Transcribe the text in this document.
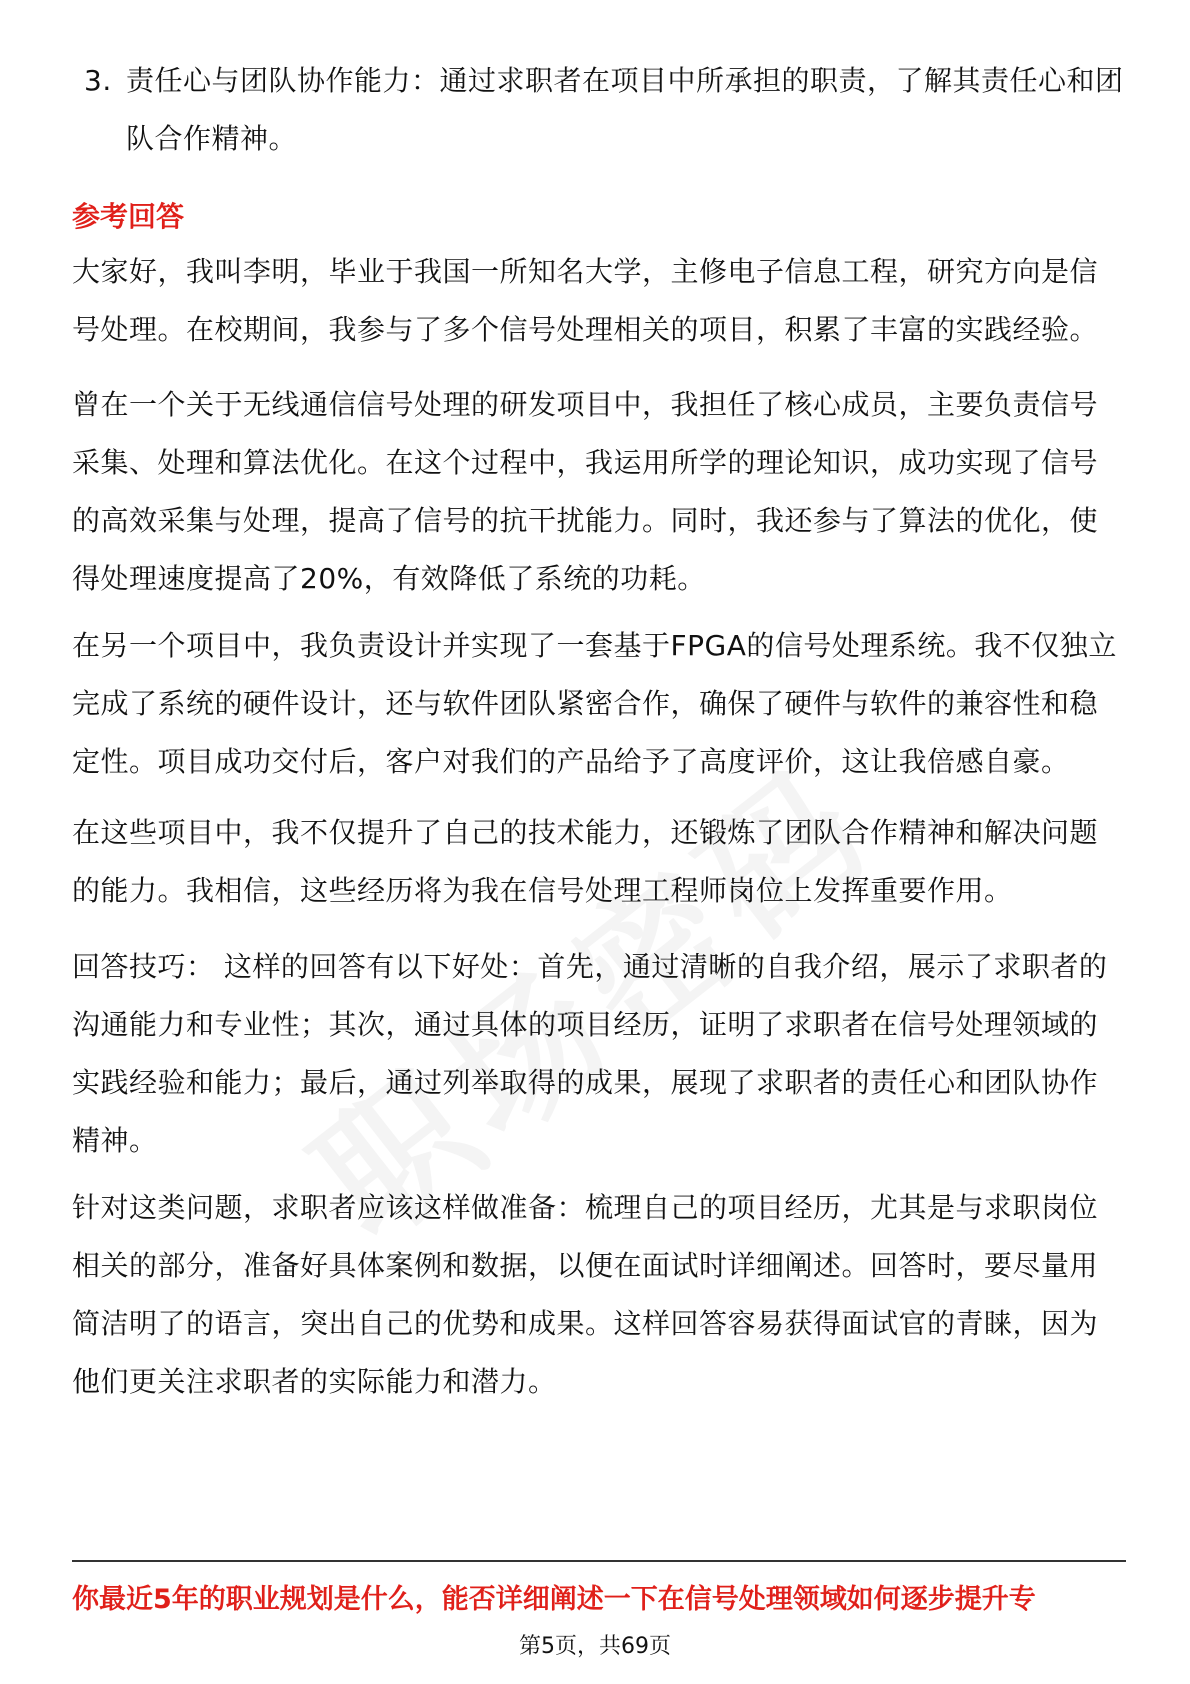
3. 责任心与团队协作能力：通过求职者在项目中所承担的职责，了解其责任心和团队合作精神。

参考回答

大家好，我叫李明，毕业于我国一所知名大学，主修电子信息工程，研究方向是信号处理。在校期间，我参与了多个信号处理相关的项目，积累了丰富的实践经验。

曾在一个关于无线通信信号处理的研发项目中，我担任了核心成员，主要负责信号采集、处理和算法优化。在这个过程中，我运用所学的理论知识，成功实现了信号的高效采集与处理，提高了信号的抗干扰能力。同时，我还参与了算法的优化，使得处理速度提高了20%，有效降低了系统的功耗。

在另一个项目中，我负责设计并实现了一套基于FPGA的信号处理系统。我不仅独立完成了系统的硬件设计，还与软件团队紧密合作，确保了硬件与软件的兼容性和稳定性。项目成功交付后，客户对我们的产品给予了高度评价，这让我倍感自豪。

在这些项目中，我不仅提升了自己的技术能力，还锻炼了团队合作精神和解决问题的能力。我相信，这些经历将为我在信号处理工程师岗位上发挥重要作用。

回答技巧： 这样的回答有以下好处：首先，通过清晰的自我介绍，展示了求职者的沟通能力和专业性；其次，通过具体的项目经历，证明了求职者在信号处理领域的实践经验和能力；最后，通过列举取得的成果，展现了求职者的责任心和团队协作精神。

针对这类问题，求职者应该这样做准备：梳理自己的项目经历，尤其是与求职岗位相关的部分，准备好具体案例和数据，以便在面试时详细阐述。回答时，要尽量用简洁明了的语言，突出自己的优势和成果。这样回答容易获得面试官的青睐，因为他们更关注求职者的实际能力和潜力。

你最近5年的职业规划是什么，能否详细阐述一下在信号处理领域如何逐步提升专

第5页，共69页
